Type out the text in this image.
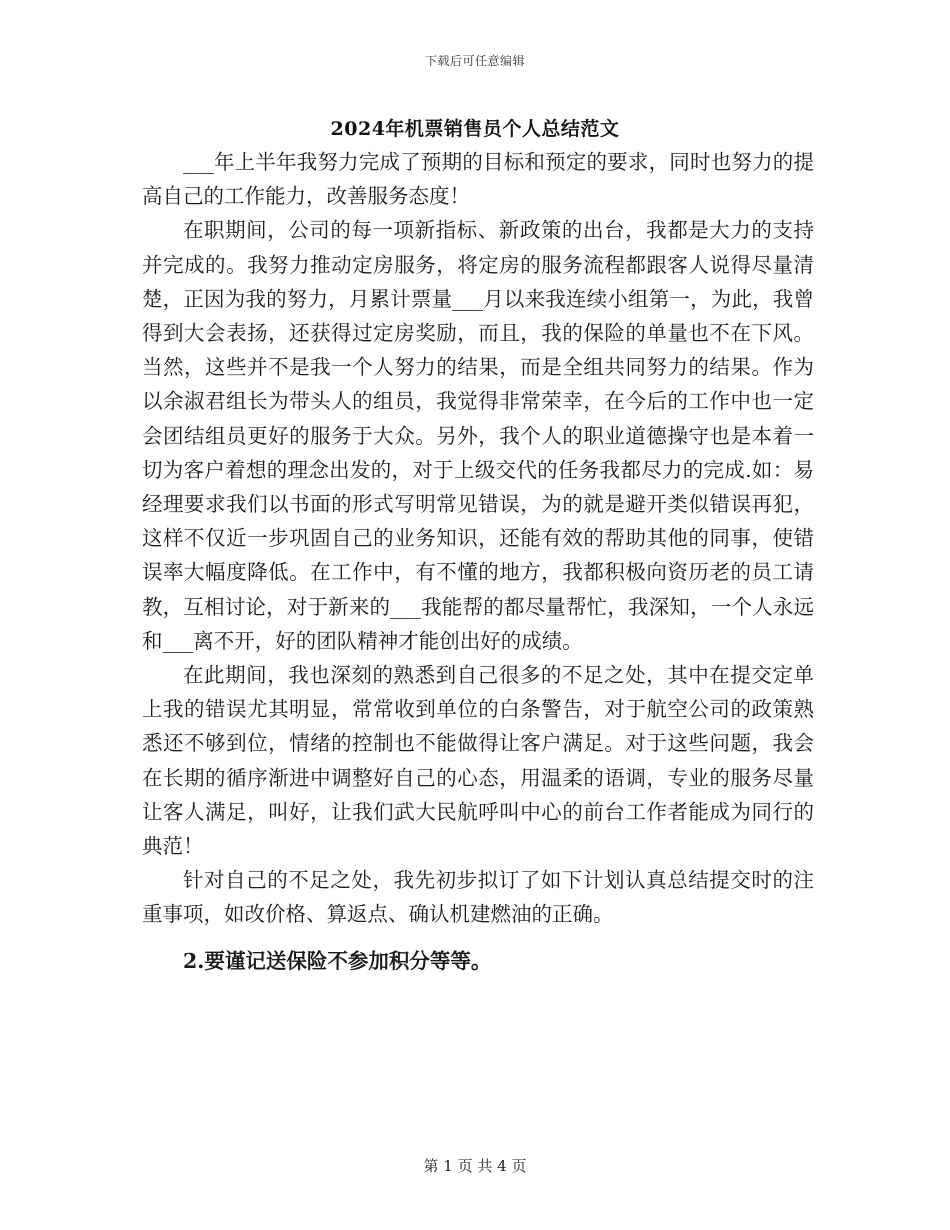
下载后可任意编辑
2024年机票销售员个人总结范文

___年上半年我努力完成了预期的目标和预定的要求，同时也努力的提高自己的工作能力，改善服务态度！

在职期间，公司的每一项新指标、新政策的出台，我都是大力的支持并完成的。我努力推动定房服务，将定房的服务流程都跟客人说得尽量清楚，正因为我的努力，月累计票量___月以来我连续小组第一，为此，我曾得到大会表扬，还获得过定房奖励，而且，我的保险的单量也不在下风。当然，这些并不是我一个人努力的结果，而是全组共同努力的结果。作为以余淑君组长为带头人的组员，我觉得非常荣幸，在今后的工作中也一定会团结组员更好的服务于大众。另外，我个人的职业道德操守也是本着一切为客户着想的理念出发的，对于上级交代的任务我都尽力的完成.如：易经理要求我们以书面的形式写明常见错误，为的就是避开类似错误再犯，这样不仅近一步巩固自己的业务知识，还能有效的帮助其他的同事，使错误率大幅度降低。在工作中，有不懂的地方，我都积极向资历老的员工请教，互相讨论，对于新来的___我能帮的都尽量帮忙，我深知，一个人永远和___离不开，好的团队精神才能创出好的成绩。

在此期间，我也深刻的熟悉到自己很多的不足之处，其中在提交定单上我的错误尤其明显，常常收到单位的白条警告，对于航空公司的政策熟悉还不够到位，情绪的控制也不能做得让客户满足。对于这些问题，我会在长期的循序渐进中调整好自己的心态，用温柔的语调，专业的服务尽量让客人满足，叫好，让我们武大民航呼叫中心的前台工作者能成为同行的典范！

针对自己的不足之处，我先初步拟订了如下计划认真总结提交时的注重事项，如改价格、算返点、确认机建燃油的正确。

2.要谨记送保险不参加积分等等。

第 1 页 共 4 页
